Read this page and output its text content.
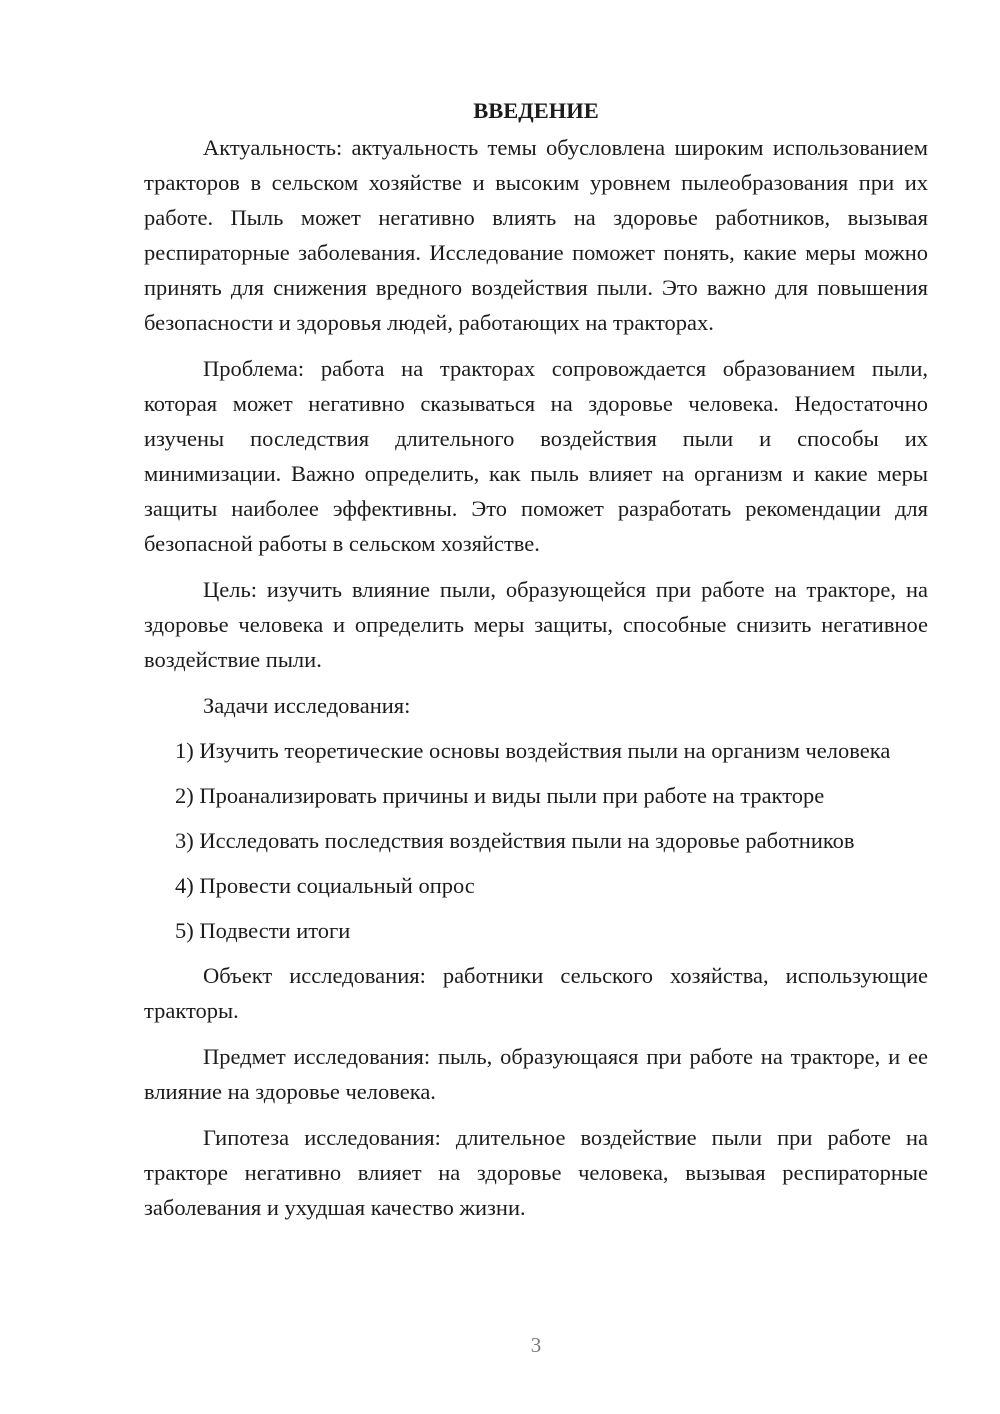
ВВЕДЕНИЕ

Актуальность: актуальность темы обусловлена широким использованием тракторов в сельском хозяйстве и высоким уровнем пылеобразования при их работе. Пыль может негативно влиять на здоровье работников, вызывая респираторные заболевания. Исследование поможет понять, какие меры можно принять для снижения вредного воздействия пыли. Это важно для повышения безопасности и здоровья людей, работающих на тракторах.

Проблема: работа на тракторах сопровождается образованием пыли, которая может негативно сказываться на здоровье человека. Недостаточно изучены последствия длительного воздействия пыли и способы их минимизации. Важно определить, как пыль влияет на организм и какие меры защиты наиболее эффективны. Это поможет разработать рекомендации для безопасной работы в сельском хозяйстве.

Цель: изучить влияние пыли, образующейся при работе на тракторе, на здоровье человека и определить меры защиты, способные снизить негативное воздействие пыли.

Задачи исследования:

1) Изучить теоретические основы воздействия пыли на организм человека

2) Проанализировать причины и виды пыли при работе на тракторе

3) Исследовать последствия воздействия пыли на здоровье работников

4) Провести социальный опрос

5) Подвести итоги

Объект исследования: работники сельского хозяйства, использующие тракторы.

Предмет исследования: пыль, образующаяся при работе на тракторе, и ее влияние на здоровье человека.

Гипотеза исследования: длительное воздействие пыли при работе на тракторе негативно влияет на здоровье человека, вызывая респираторные заболевания и ухудшая качество жизни.

3
